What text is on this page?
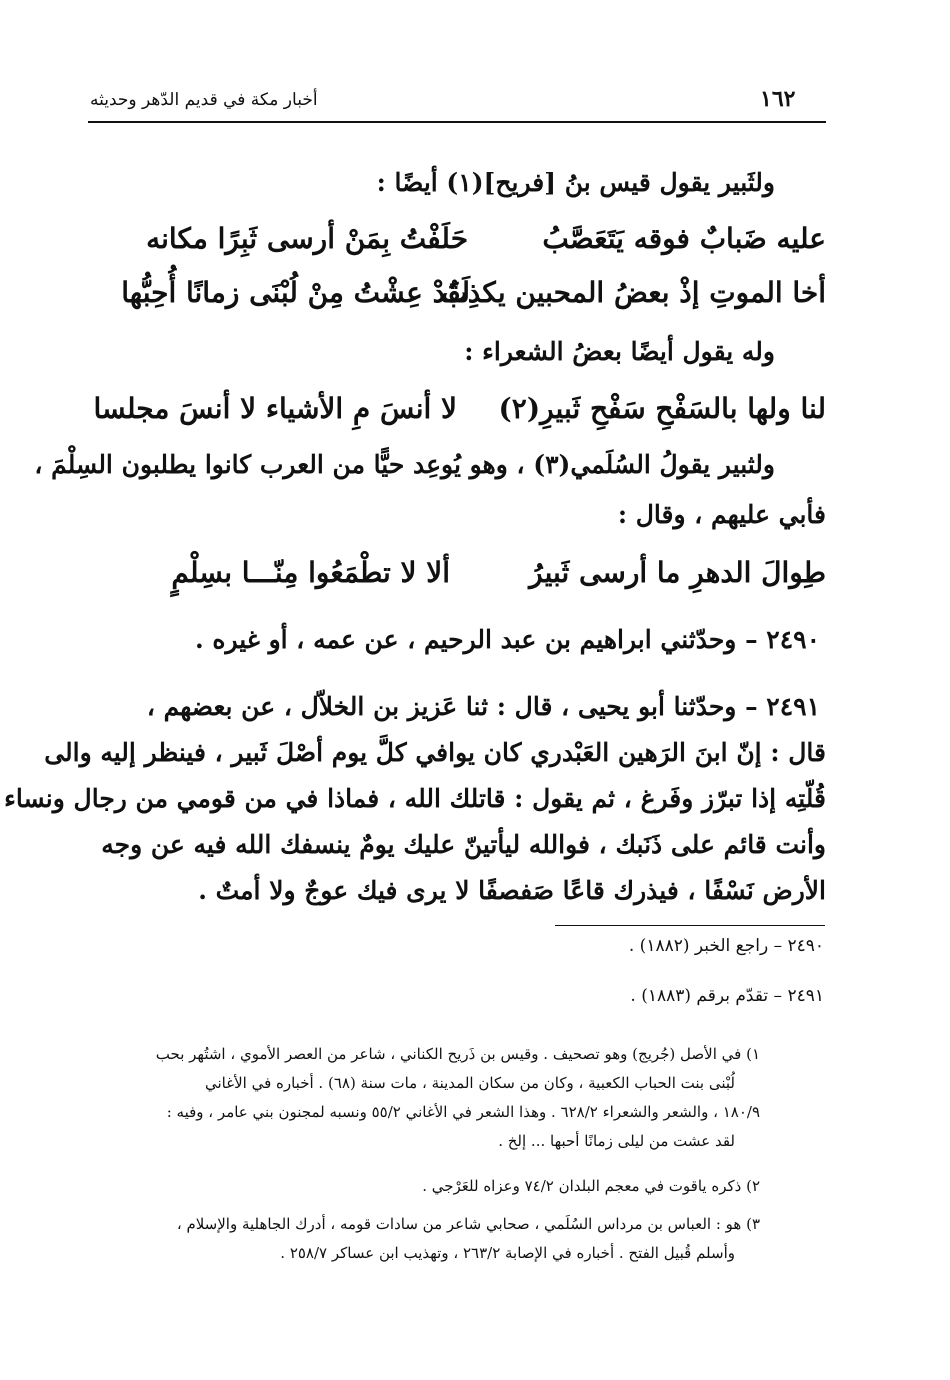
أخبار مكة في قديم الدّهر وحديثه	١٦٢
ولثَبير يقول قيس بنُ [فريح](١) أيضًا :
حَلَفْتُ بِمَنْ أرسى ثَبِرًا مكانه	عليه ضَبابٌ فوقه يَتَعَصَّبُ
لَقَدْ عِشْتُ مِنْ لُبْنَى زمانًا أُحِبُّها
أخا الموتِ إذْ بعضُ المحبين يكذِبُ
وله يقول أيضًا بعضُ الشعراء :
لا أنسَ مِ الأشياء لا أنسَ مجلسا لنا ولها بالسَفْحِ سَفْحِ ثَبيرِ(٢)
ولثبير يقولُ السُلَمي(٣) ، وهو يُوعِد حيًّا من العرب كانوا يطلبون السِلْمَ ،
فأبي عليهم ، وقال :
ألا لا تطْمَعُوا مِنّـــا بسِلْمٍ	طِوالَ الدهرِ ما أرسى ثَبيرُ
٢٤٩٠ – وحدّثني ابراهيم بن عبد الرحيم ، عن عمه ، أو غيره .
٢٤٩١ – وحدّثنا أبو يحيى ، قال : ثنا عَزيز بن الخلاّل ، عن بعضهم ،
قال : إنّ ابنَ الرَهين العَبْدري كان يوافي كلَّ يوم أصْلَ ثَبير ، فينظر إليه والى
قُلّتِه إذا تبرّز وفَرغ ، ثم يقول : قاتلك الله ، فماذا في من قومي من رجال ونساء
وأنت قائم على ذَنَبك ، فوالله ليأتينّ عليك يومٌ ينسفك الله فيه عن وجه
الأرض نَسْفًا ، فيذرك قاعًا صَفصفًا لا يرى فيك عوجٌ ولا أمتٌ .
٢٤٩٠ – راجع الخبر (١٨٨٢) .
٢٤٩١ – تقدّم برقم (١٨٨٣) .
١) في الأصل (جُريج) وهو تصحيف . وقيس بن ذَريح الكناني ، شاعر من العصر الأموي ، اشتُهر بحب
لُبْنى بنت الحباب الكعبية ، وكان من سكان المدينة ، مات سنة (٦٨) . أخباره في الأغاني
١٨٠/٩ ، والشعر والشعراء ٦٢٨/٢ . وهذا الشعر في الأغاني ٥٥/٢ ونسبه لمجنون بني عامر ، وفيه :
لقد عشت من ليلى زمانًا أحبها ... إلخ .
٢) ذكره ياقوت في معجم البلدان ٧٤/٢ وعزاه للعَرْجي .
٣) هو : العباس بن مرداس السُلَمي ، صحابي شاعر من سادات قومه ، أدرك الجاهلية والإسلام ،
وأسلم قُبيل الفتح . أخباره في الإصابة ٢٦٣/٢ ، وتهذيب ابن عساكر ٢٥٨/٧ .
